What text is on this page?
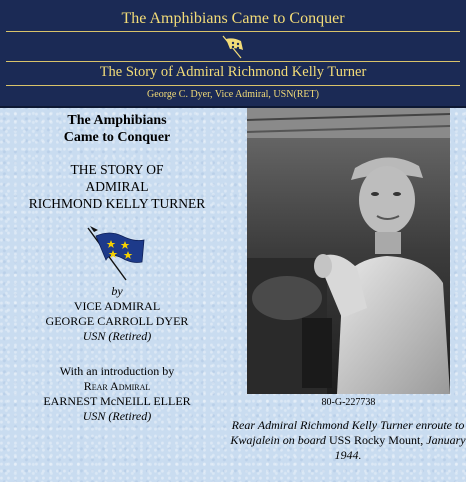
The Amphibians Came to Conquer
The Story of Admiral Richmond Kelly Turner
George C. Dyer, Vice Admiral, USN(RET)
The Amphibians
Came to Conquer
THE STORY OF
ADMIRAL
RICHMOND KELLY TURNER
by
VICE ADMIRAL
GEORGE CARROLL DYER
USN (Retired)
With an introduction by
Rear Admiral
EARNEST McNEILL ELLER
USN (Retired)
80-G-227738
Rear Admiral Richmond Kelly Turner enroute to Kwajalein on board USS Rocky Mount, January 1944.
